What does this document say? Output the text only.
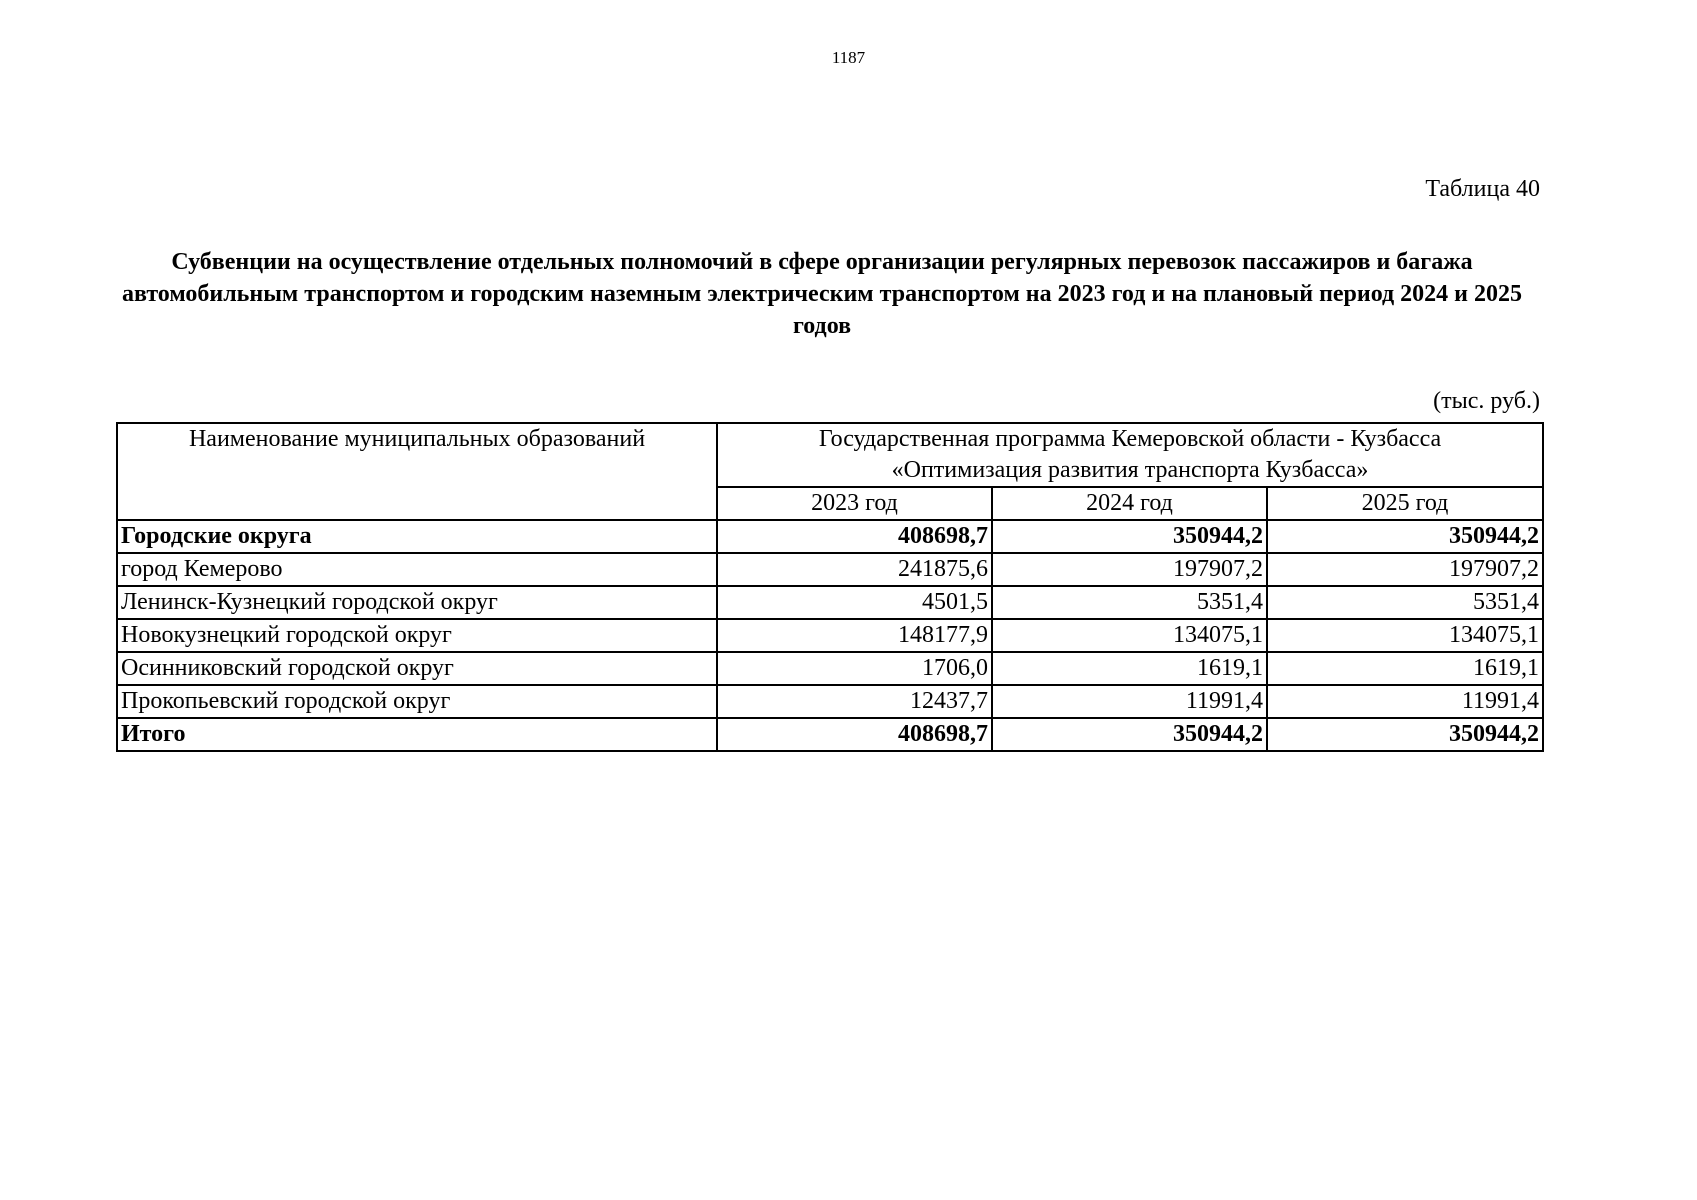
1187
Таблица 40
Субвенции на осуществление отдельных полномочий в сфере организации регулярных перевозок пассажиров и багажа автомобильным транспортом и городским наземным электрическим транспортом на 2023 год и на плановый период 2024 и 2025 годов
(тыс. руб.)
Наименование муниципальных образований	Государственная программа Кемеровской области - Кузбасса
«Оптимизация развития транспорта Кузбасса»		

	2023 год	2024 год	2025 год
Городские округа	408698,7	350944,2	350944,2
город Кемерово	241875,6	197907,2	197907,2
Ленинск-Кузнецкий городской округ	4501,5	5351,4	5351,4
Новокузнецкий городской округ	148177,9	134075,1	134075,1
Осинниковский городской округ	1706,0	1619,1	1619,1
Прокопьевский городской округ	12437,7	11991,4	11991,4
Итого	408698,7	350944,2	350944,2
